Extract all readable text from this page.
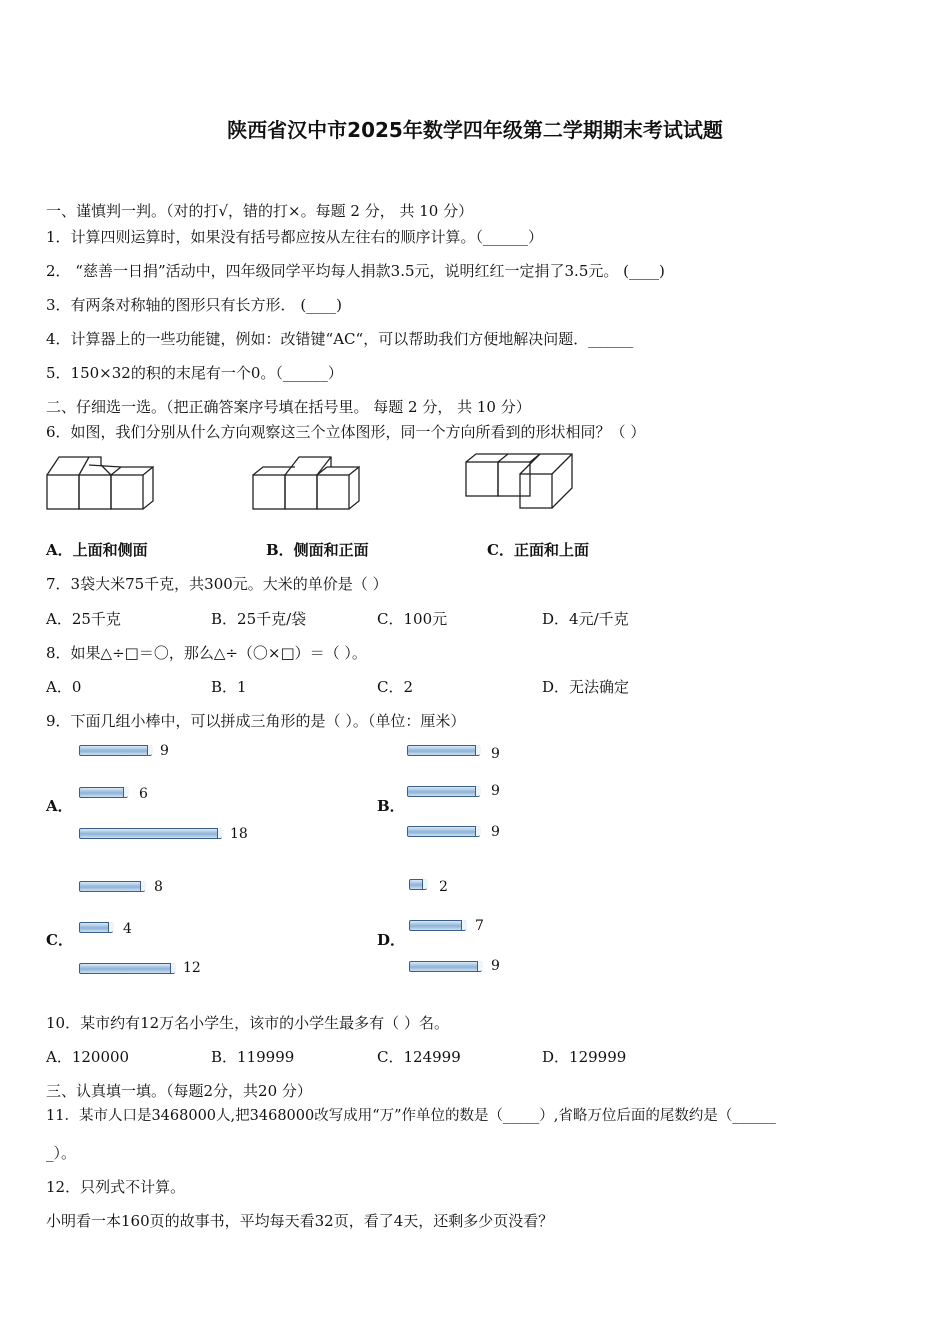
陕西省汉中市2025年数学四年级第二学期期末考试试题
一、谨慎判一判。（对的打√，错的打×。每题 2 分， 共 10 分）
1．计算四则运算时，如果没有括号都应按从左往右的顺序计算。（______）
2． “慈善一日捐”活动中，四年级同学平均每人捐款3.5元，说明红红一定捐了3.5元。 (____)
3．有两条对称轴的图形只有长方形． (____)
4．计算器上的一些功能键，例如：改错键“AC“，可以帮助我们方便地解决问题．______
5．150×32的积的末尾有一个0。（______）
二、仔细选一选。（把正确答案序号填在括号里。 每题 2 分， 共 10 分）
6．如图，我们分别从什么方向观察这三个立体图形，同一个方向所看到的形状相同？（ ）
A．上面和侧面	B．侧面和正面	C．正面和上面
7．3袋大米75千克，共300元。大米的单价是（ ）
A．25千克	B．25千克/袋	C．100元	D．4元/千克
8．如果△÷□＝〇，那么△÷（〇×□）＝（ ）。
A．0	B．1	C．2	D．无法确定
9．下面几组小棒中，可以拼成三角形的是（ ）。（单位：厘米）
A．
9
6
18
B．
9
9
9
C．
8
4
12
D．
2
7
9
10．某市约有12万名小学生，该市的小学生最多有（ ）名。
A．120000	B．119999	C．124999	D．129999
三、认真填一填。（每题2分，共20 分）
11．某市人口是3468000人,把3468000改写成用“万”作单位的数是（_____）,省略万位后面的尾数约是（______
_）。
12．只列式不计算。
小明看一本160页的故事书，平均每天看32页，看了4天，还剩多少页没看？
